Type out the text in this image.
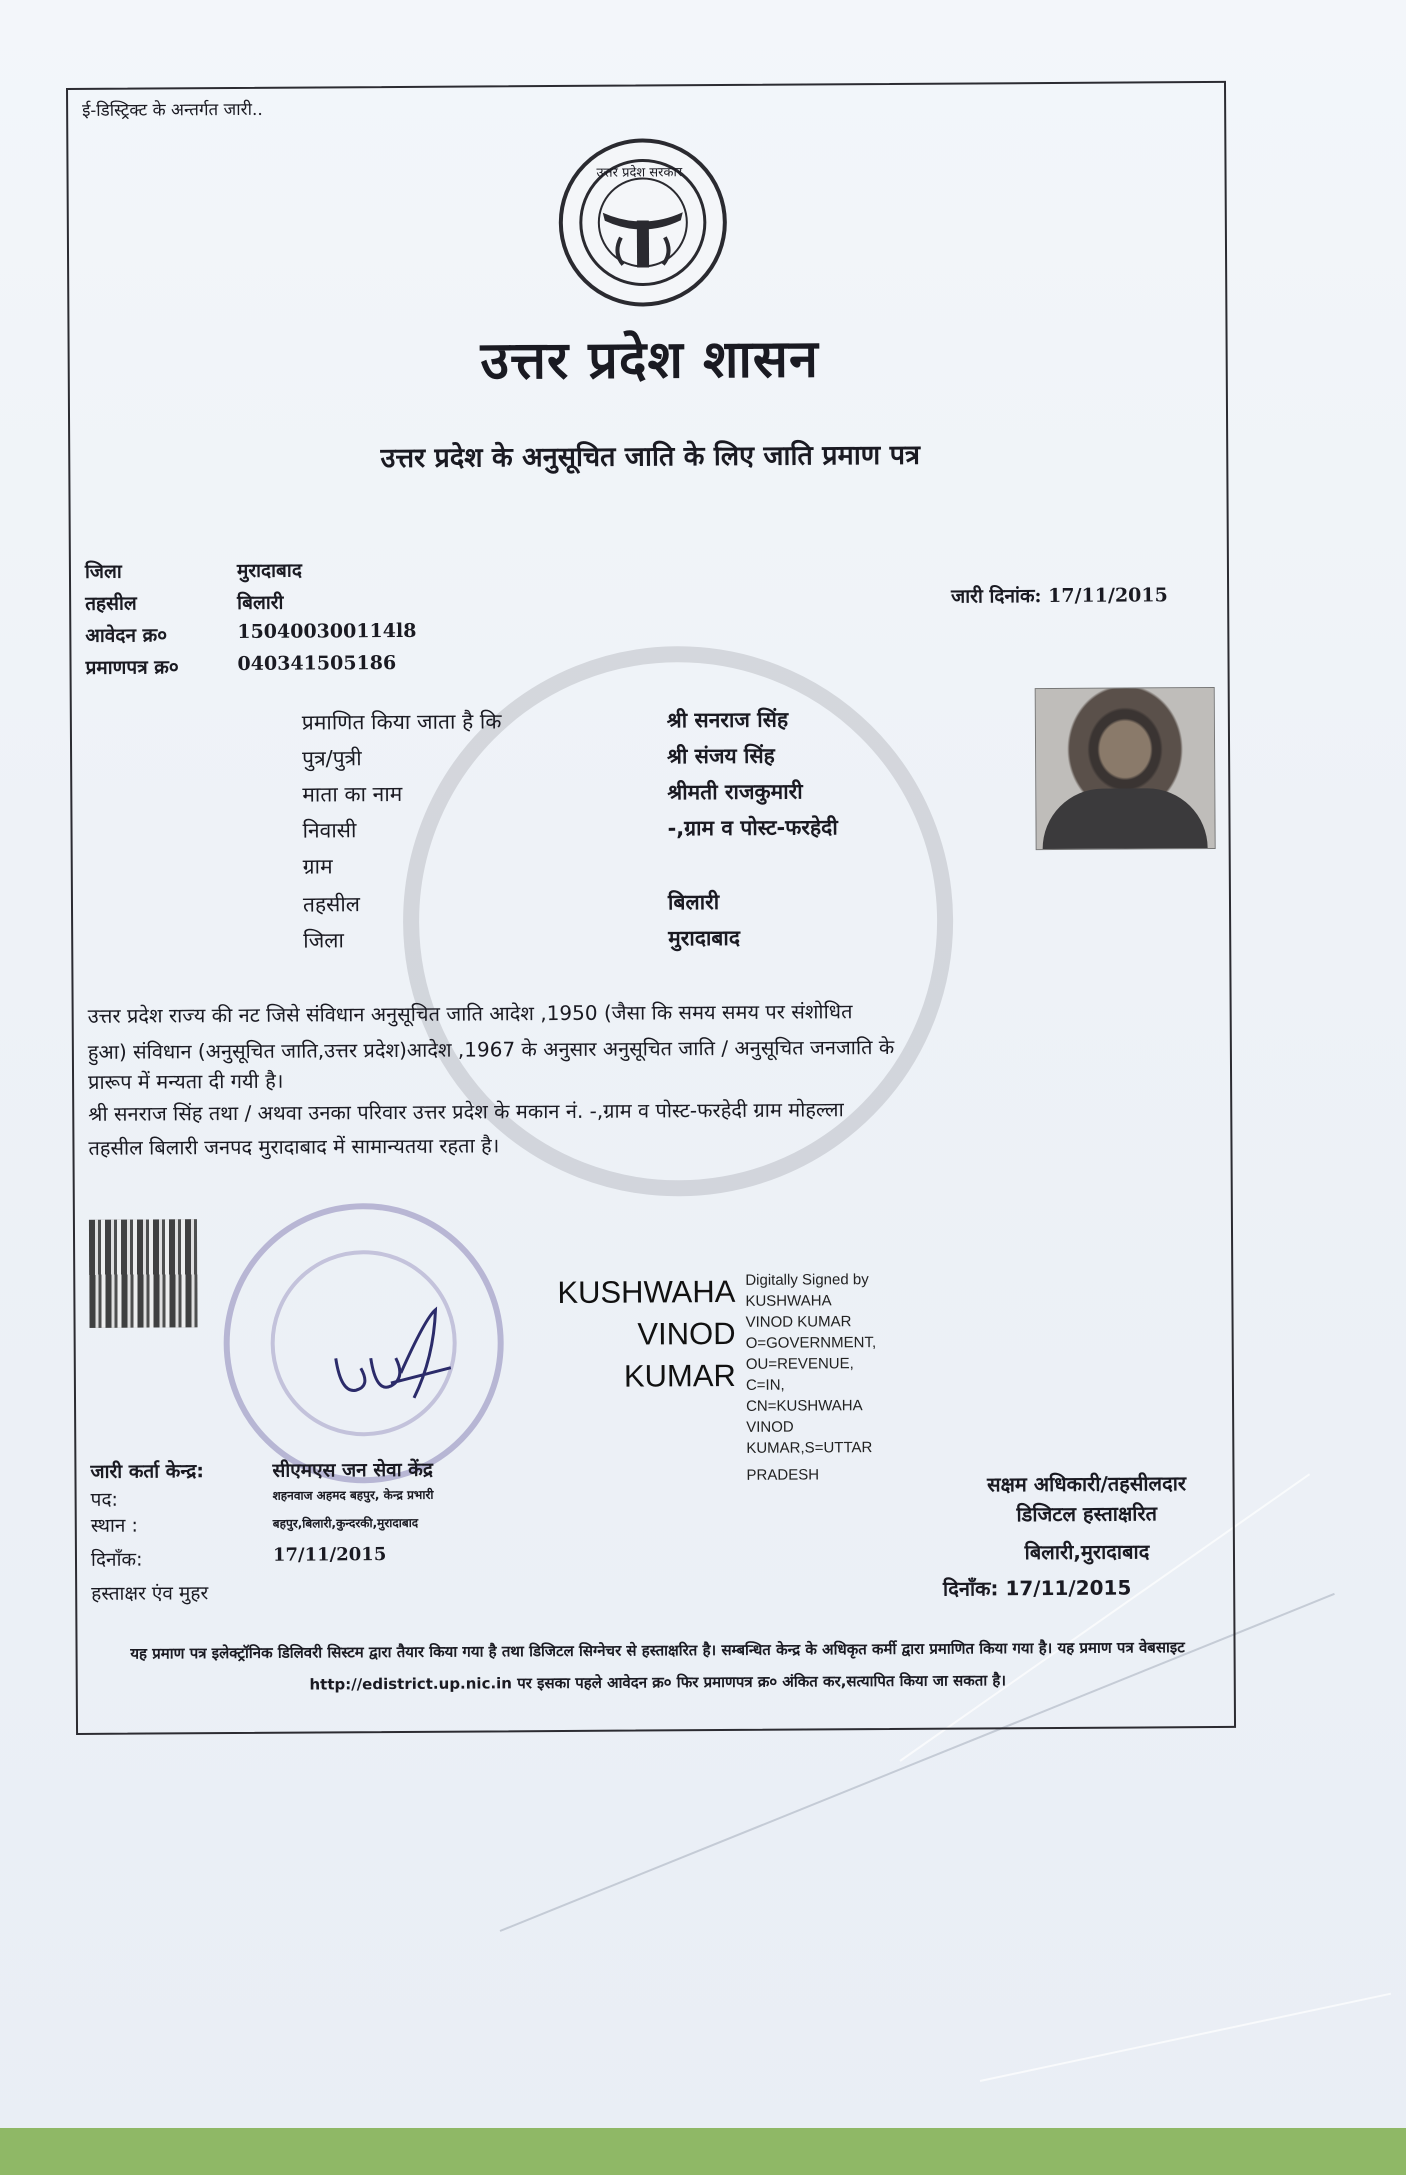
ई-डिस्ट्रिक्ट के अन्तर्गत जारी..
उत्तर प्रदेश सरकार
उत्तर प्रदेश शासन
उत्तर प्रदेश के अनुसूचित जाति के लिए जाति प्रमाण पत्र
जिला	मुरादाबाद
तहसील	बिलारी
आवेदन क्र०	150400300114l8
प्रमाणपत्र क्र०	040341505186
जारी दिनांक: 17/11/2015
प्रमाणित किया जाता है कि	श्री सनराज सिंह
पुत्र/पुत्री	श्री संजय सिंह
माता का नाम	श्रीमती राजकुमारी
निवासी	-,ग्राम व पोस्ट-फरहेदी
ग्राम
तहसील	बिलारी
जिला	मुरादाबाद
उत्तर प्रदेश राज्य की नट जिसे संविधान अनुसूचित जाति आदेश ,1950 (जैसा कि समय समय पर संशोधित
हुआ) संविधान (अनुसूचित जाति,उत्तर प्रदेश)आदेश ,1967 के अनुसार अनुसूचित जाति / अनुसूचित जनजाति के
प्रारूप में मन्यता दी गयी है।
श्री सनराज सिंह तथा / अथवा उनका परिवार उत्तर प्रदेश के मकान नं. -,ग्राम व पोस्ट-फरहेदी ग्राम मोहल्ला
तहसील बिलारी जनपद मुरादाबाद में सामान्यतया रहता है।
KUSHWAHA
VINOD
KUMAR
Digitally Signed by
KUSHWAHA
VINOD KUMAR
O=GOVERNMENT,
OU=REVENUE,
C=IN,
CN=KUSHWAHA
VINOD
KUMAR,S=UTTAR
PRADESH
जारी कर्ता केन्द्र:	सीएमएस जन सेवा केंद्र
पद:	शहनवाज अहमद बहपुर, केन्द्र प्रभारी
स्थान :	बहपुर,बिलारी,कुन्दरकी,मुरादाबाद
दिनाँक:	17/11/2015
हस्ताक्षर एंव मुहर
सक्षम अधिकारी/तहसीलदार
डिजिटल हस्ताक्षरित
बिलारी,मुरादाबाद
दिनाँक: 17/11/2015
यह प्रमाण पत्र इलेक्ट्रॉनिक डिलिवरी सिस्टम द्वारा तैयार किया गया है तथा डिजिटल सिग्नेचर से हस्ताक्षरित है। सम्बन्धित केन्द्र के अधिकृत कर्मी द्वारा प्रमाणित किया गया है। यह प्रमाण पत्र वेबसाइट http://edistrict.up.nic.in पर इसका पहले आवेदन क्र० फिर प्रमाणपत्र क्र० अंकित कर,सत्यापित किया जा सकता है।
